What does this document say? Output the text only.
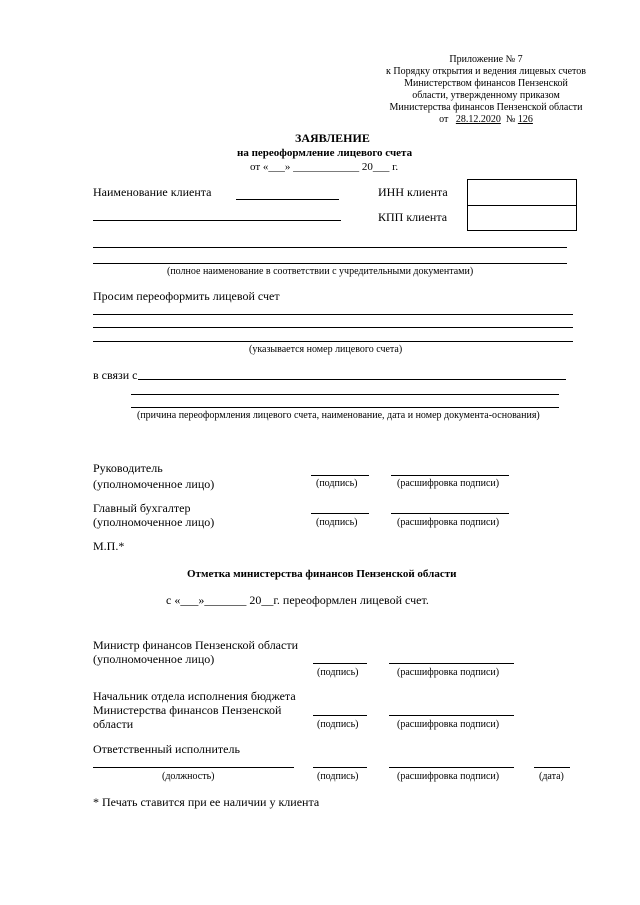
Приложение № 7
к Порядку открытия и ведения лицевых счетов
Министерством финансов Пензенской
области, утвержденному приказом
Министерства финансов Пензенской области
от 28.12.2020 № 126
ЗАЯВЛЕНИЕ
на переоформление лицевого счета
от «___» ____________ 20___ г.
Наименование клиента	ИНН клиента
КПП клиента
(полное наименование в соответствии с учредительными документами)
Просим переоформить лицевой счет
(указывается номер лицевого счета)
в связи с
(причина переоформления лицевого счета, наименование, дата и номер документа-основания)
Руководитель
(уполномоченное лицо)	(подпись)	(расшифровка подписи)
Главный бухгалтер
(уполномоченное лицо)	(подпись)	(расшифровка подписи)
М.П.*
Отметка министерства финансов Пензенской области
с «___»_______ 20__г. переоформлен лицевой счет.
Министр финансов Пензенской области
(уполномоченное лицо)
(подпись)	(расшифровка подписи)
Начальник отдела исполнения бюджета
Министерства финансов Пензенской
области	(подпись)	(расшифровка подписи)
Ответственный исполнитель
(должность)	(подпись)	(расшифровка подписи)	(дата)
* Печать ставится при ее наличии у клиента
